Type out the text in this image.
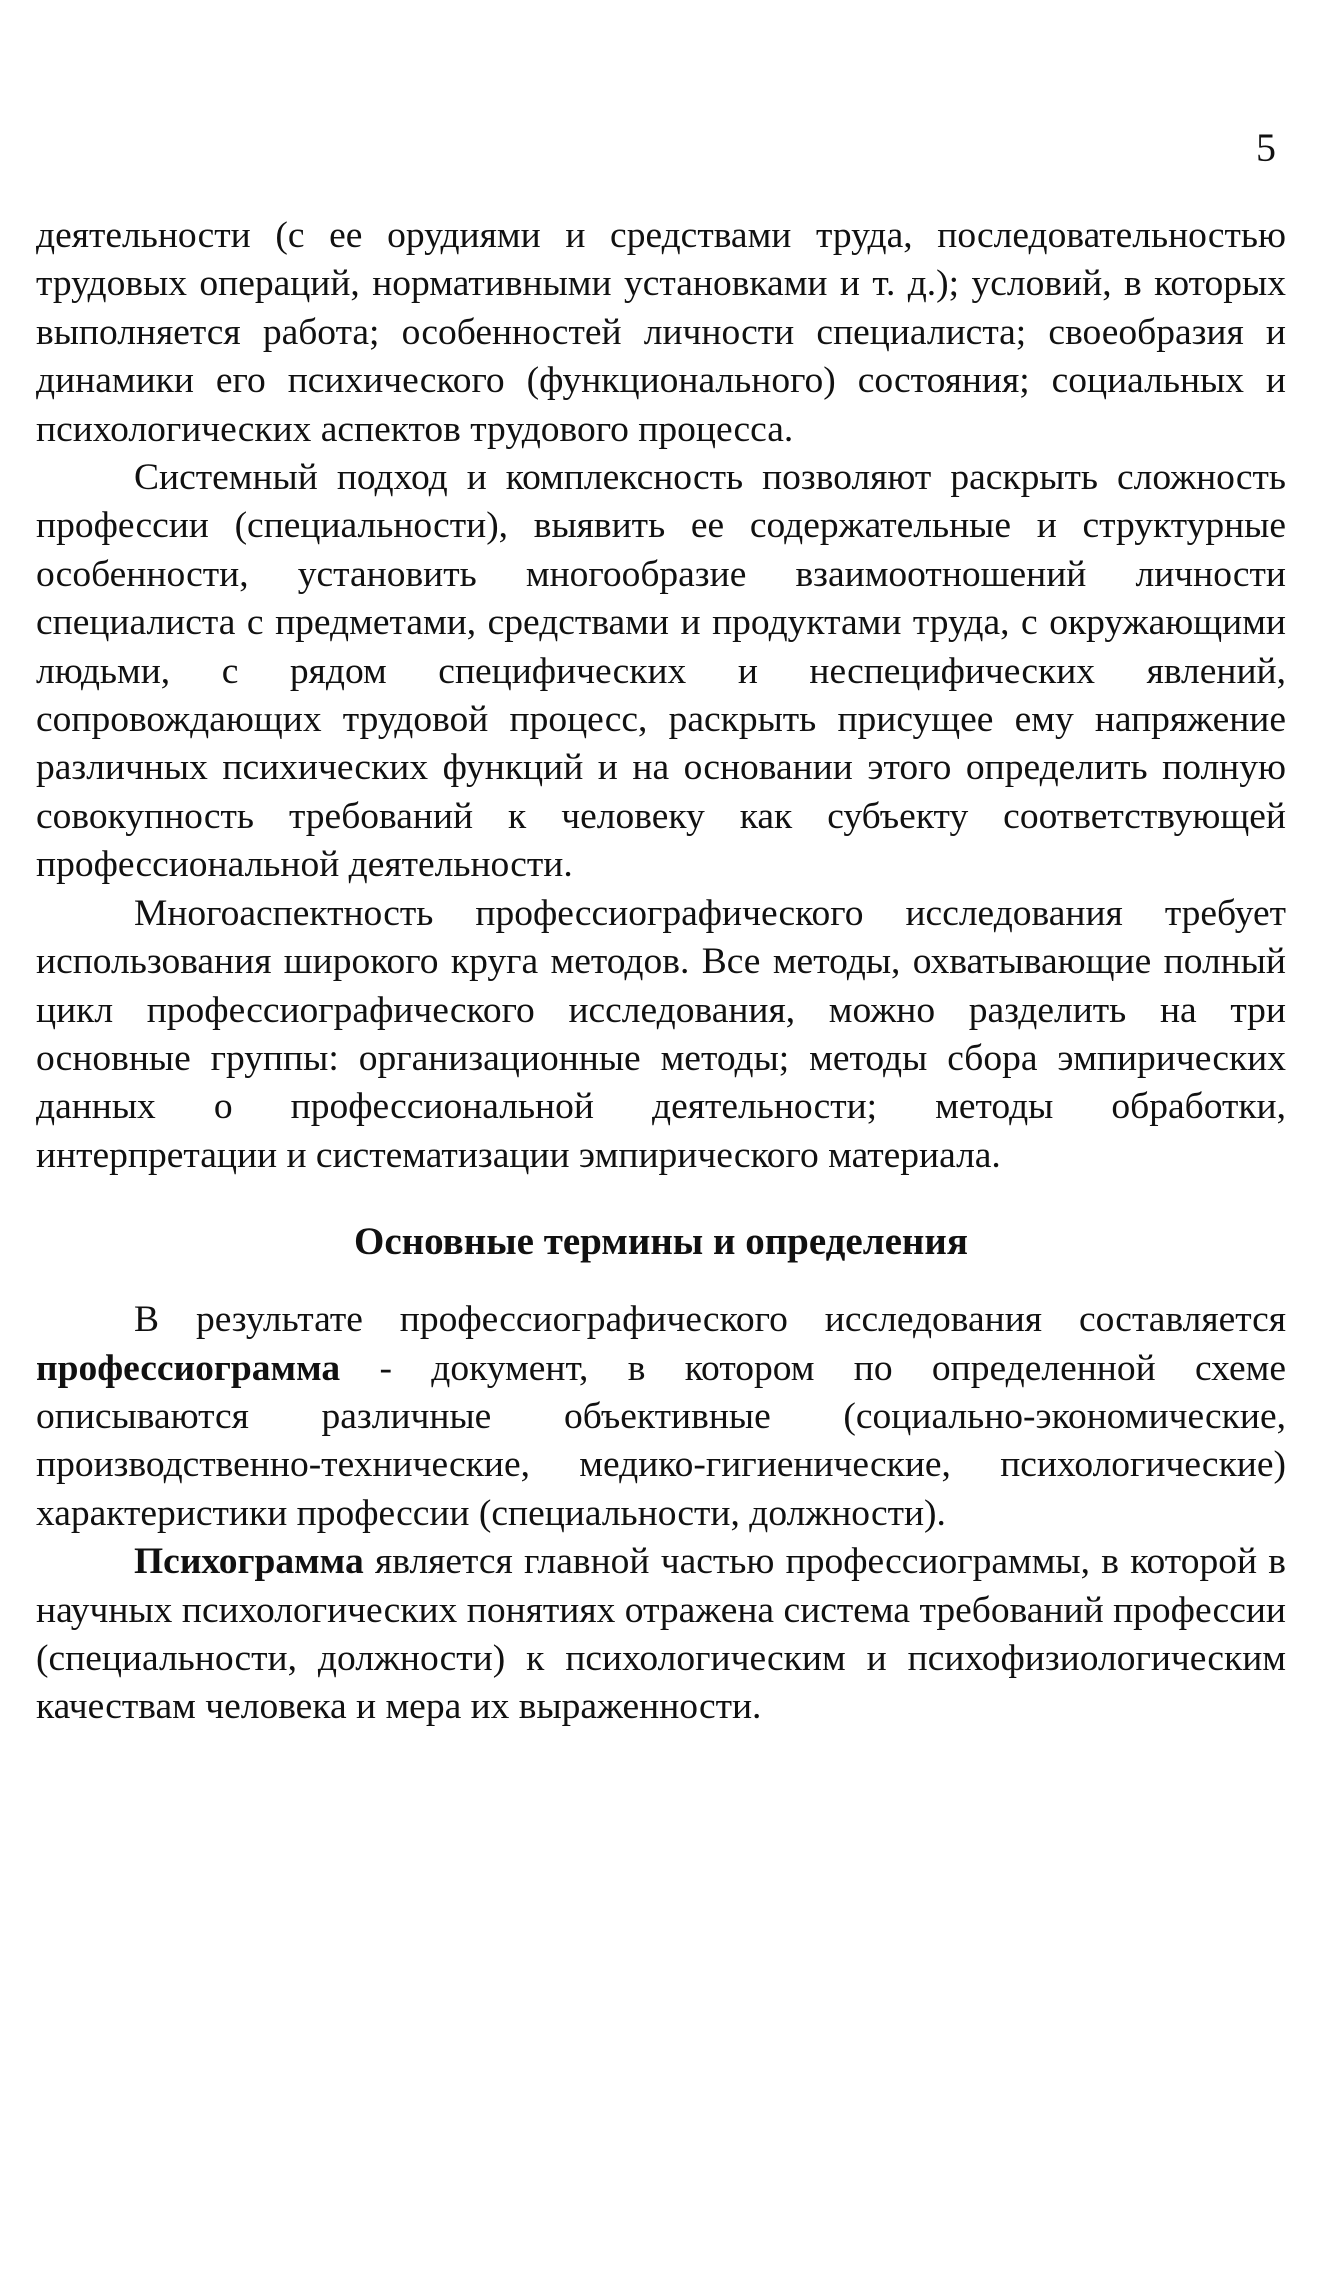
5

деятельности (с ее орудиями и средствами труда, последовательностью трудовых операций, нормативными установками и т. д.); условий, в которых выполняется работа; особенностей личности специалиста; своеобразия и динамики его психического (функционального) состояния; социальных и психологических аспектов трудового процесса.

Системный подход и комплексность позволяют раскрыть сложность профессии (специальности), выявить ее содержательные и структурные особенности, установить многообразие взаимоотношений личности специалиста с предметами, средствами и продуктами труда, с окружающими людьми, с рядом специфических и неспецифических явлений, сопровождающих трудовой процесс, раскрыть присущее ему напряжение различных психических функций и на основании этого определить полную совокупность требований к человеку как субъекту соответствующей профессиональной деятельности.

Многоаспектность профессиографического исследования требует использования широкого круга методов. Все методы, охватывающие полный цикл профессиографического исследования, можно разделить на три основные группы: организационные методы; методы сбора эмпирических данных о профессиональной деятельности; методы обработки, интерпретации и систематизации эмпирического материала.

Основные термины и определения

В результате профессиографического исследования составляется профессиограмма - документ, в котором по определенной схеме описываются различные объективные (социально-экономические, производственно-технические, медико-гигиенические, психологические) характеристики профессии (специальности, должности).

Психограмма является главной частью профессиограммы, в которой в научных психологических понятиях отражена система требований профессии (специальности, должности) к психологическим и психофизиологическим качествам человека и мера их выраженности.
